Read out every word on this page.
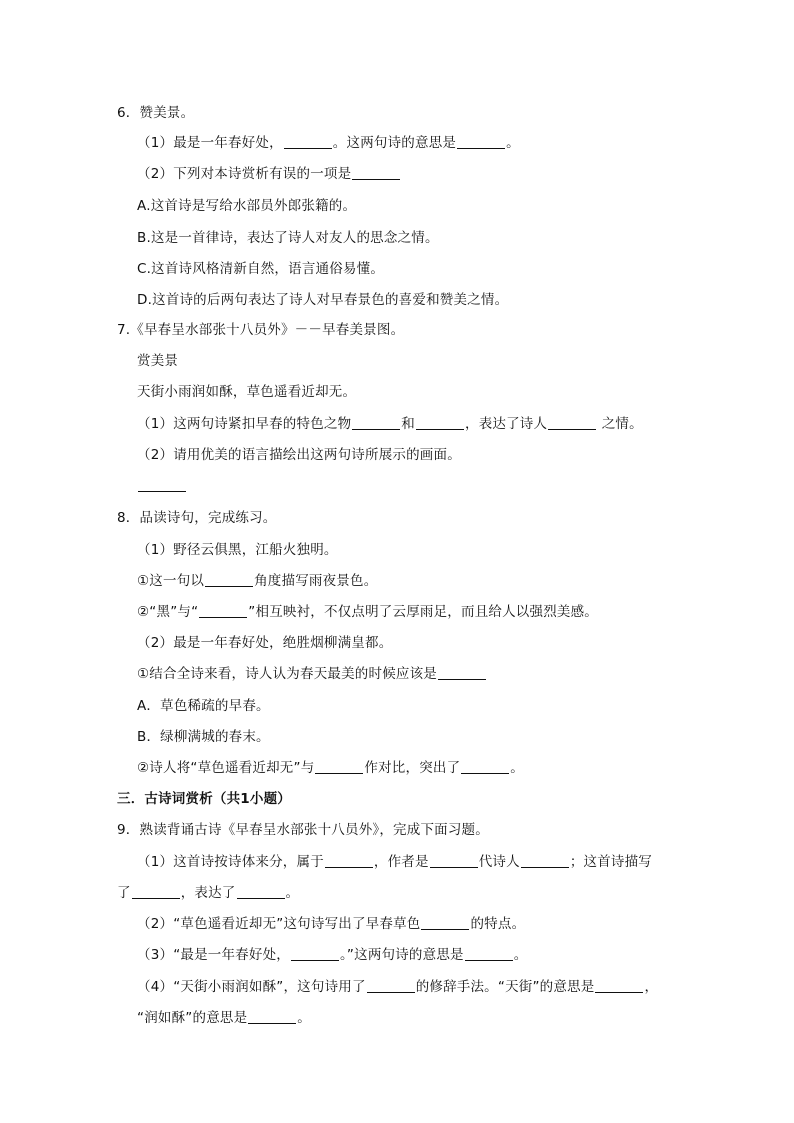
6．赞美景。
（1）最是一年春好处，	。这两句诗的意思是	。
（2）下列对本诗赏析有误的一项是
A.这首诗是写给水部员外郎张籍的。
B.这是一首律诗，表达了诗人对友人的思念之情。
C.这首诗风格清新自然，语言通俗易懂。
D.这首诗的后两句表达了诗人对早春景色的喜爱和赞美之情。
7.《早春呈水部张十八员外》－－早春美景图。
赏美景
天街小雨润如酥，草色遥看近却无。
（1）这两句诗紧扣早春的特色之物	和	，表达了诗人	之情。
（2）请用优美的语言描绘出这两句诗所展示的画面。
8．品读诗句，完成练习。
（1）野径云俱黑，江船火独明。
①这一句以	角度描写雨夜景色。
②“黑”与“	”相互映衬，不仅点明了云厚雨足，而且给人以强烈美感。
（2）最是一年春好处，绝胜烟柳满皇都。
①结合全诗来看，诗人认为春天最美的时候应该是
A．草色稀疏的早春。
B．绿柳满城的春末。
②诗人将“草色遥看近却无”与	作对比，突出了	。
三．古诗词赏析（共1小题）
9．熟读背诵古诗《早春呈水部张十八员外》，完成下面习题。
（1）这首诗按诗体来分，属于	，作者是	代诗人	；这首诗描写
了	，表达了	。
（2）“草色遥看近却无”这句诗写出了早春草色	的特点。
（3）“最是一年春好处，	。”这两句诗的意思是	。
（4）“天街小雨润如酥”，这句诗用了	的修辞手法。“天街”的意思是	，
“润如酥”的意思是	。
